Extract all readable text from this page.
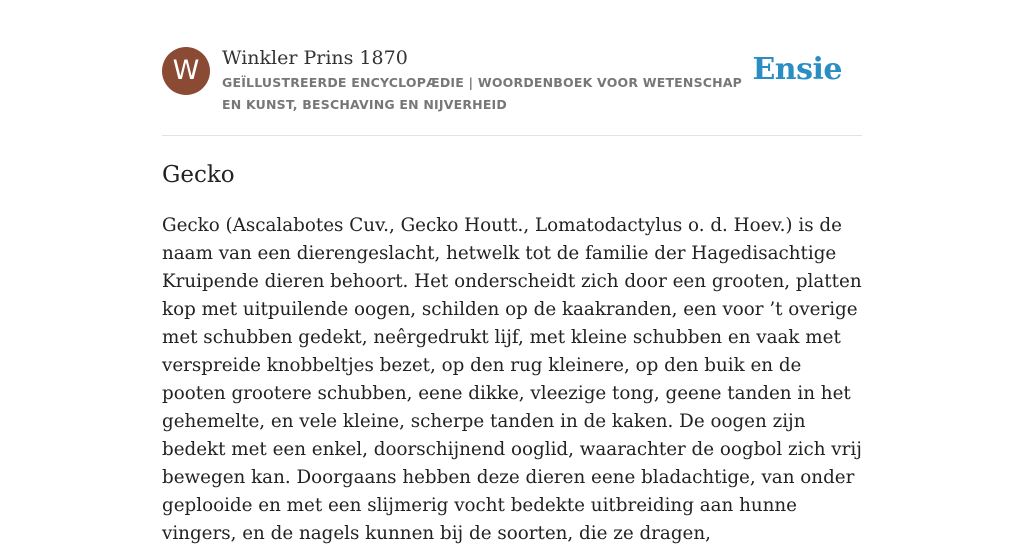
W	Winkler Prins 1870
GEÏLLUSTREERDE ENCYCLOPÆDIE | WOORDENBOEK VOOR WETENSCHAP EN KUNST, BESCHAVING EN NIJVERHEID
Ensie
Gecko

Gecko (Ascalabotes Cuv., Gecko Houtt., Lomatodactylus o. d. Hoev.) is de naam van een dierengeslacht, hetwelk tot de familie der Hagedisachtige Kruipende dieren behoort. Het onderscheidt zich door een grooten, platten kop met uitpuilende oogen, schilden op de kaakranden, een voor ’t overige met schubben gedekt, neêrgedrukt lijf, met kleine schubben en vaak met verspreide knobbeltjes bezet, op den rug kleinere, op den buik en de pooten grootere schubben, eene dikke, vleezige tong, geene tanden in het gehemelte, en vele kleine, scherpe tanden in de kaken. De oogen zijn bedekt met een enkel, doorschijnend ooglid, waarachter de oogbol zich vrij bewegen kan. Doorgaans hebben deze dieren eene bladachtige, van onder geplooide en met een slijmerig vocht bedekte uitbreiding aan hunne vingers, en de nagels kunnen bij de soorten, die ze dragen,
